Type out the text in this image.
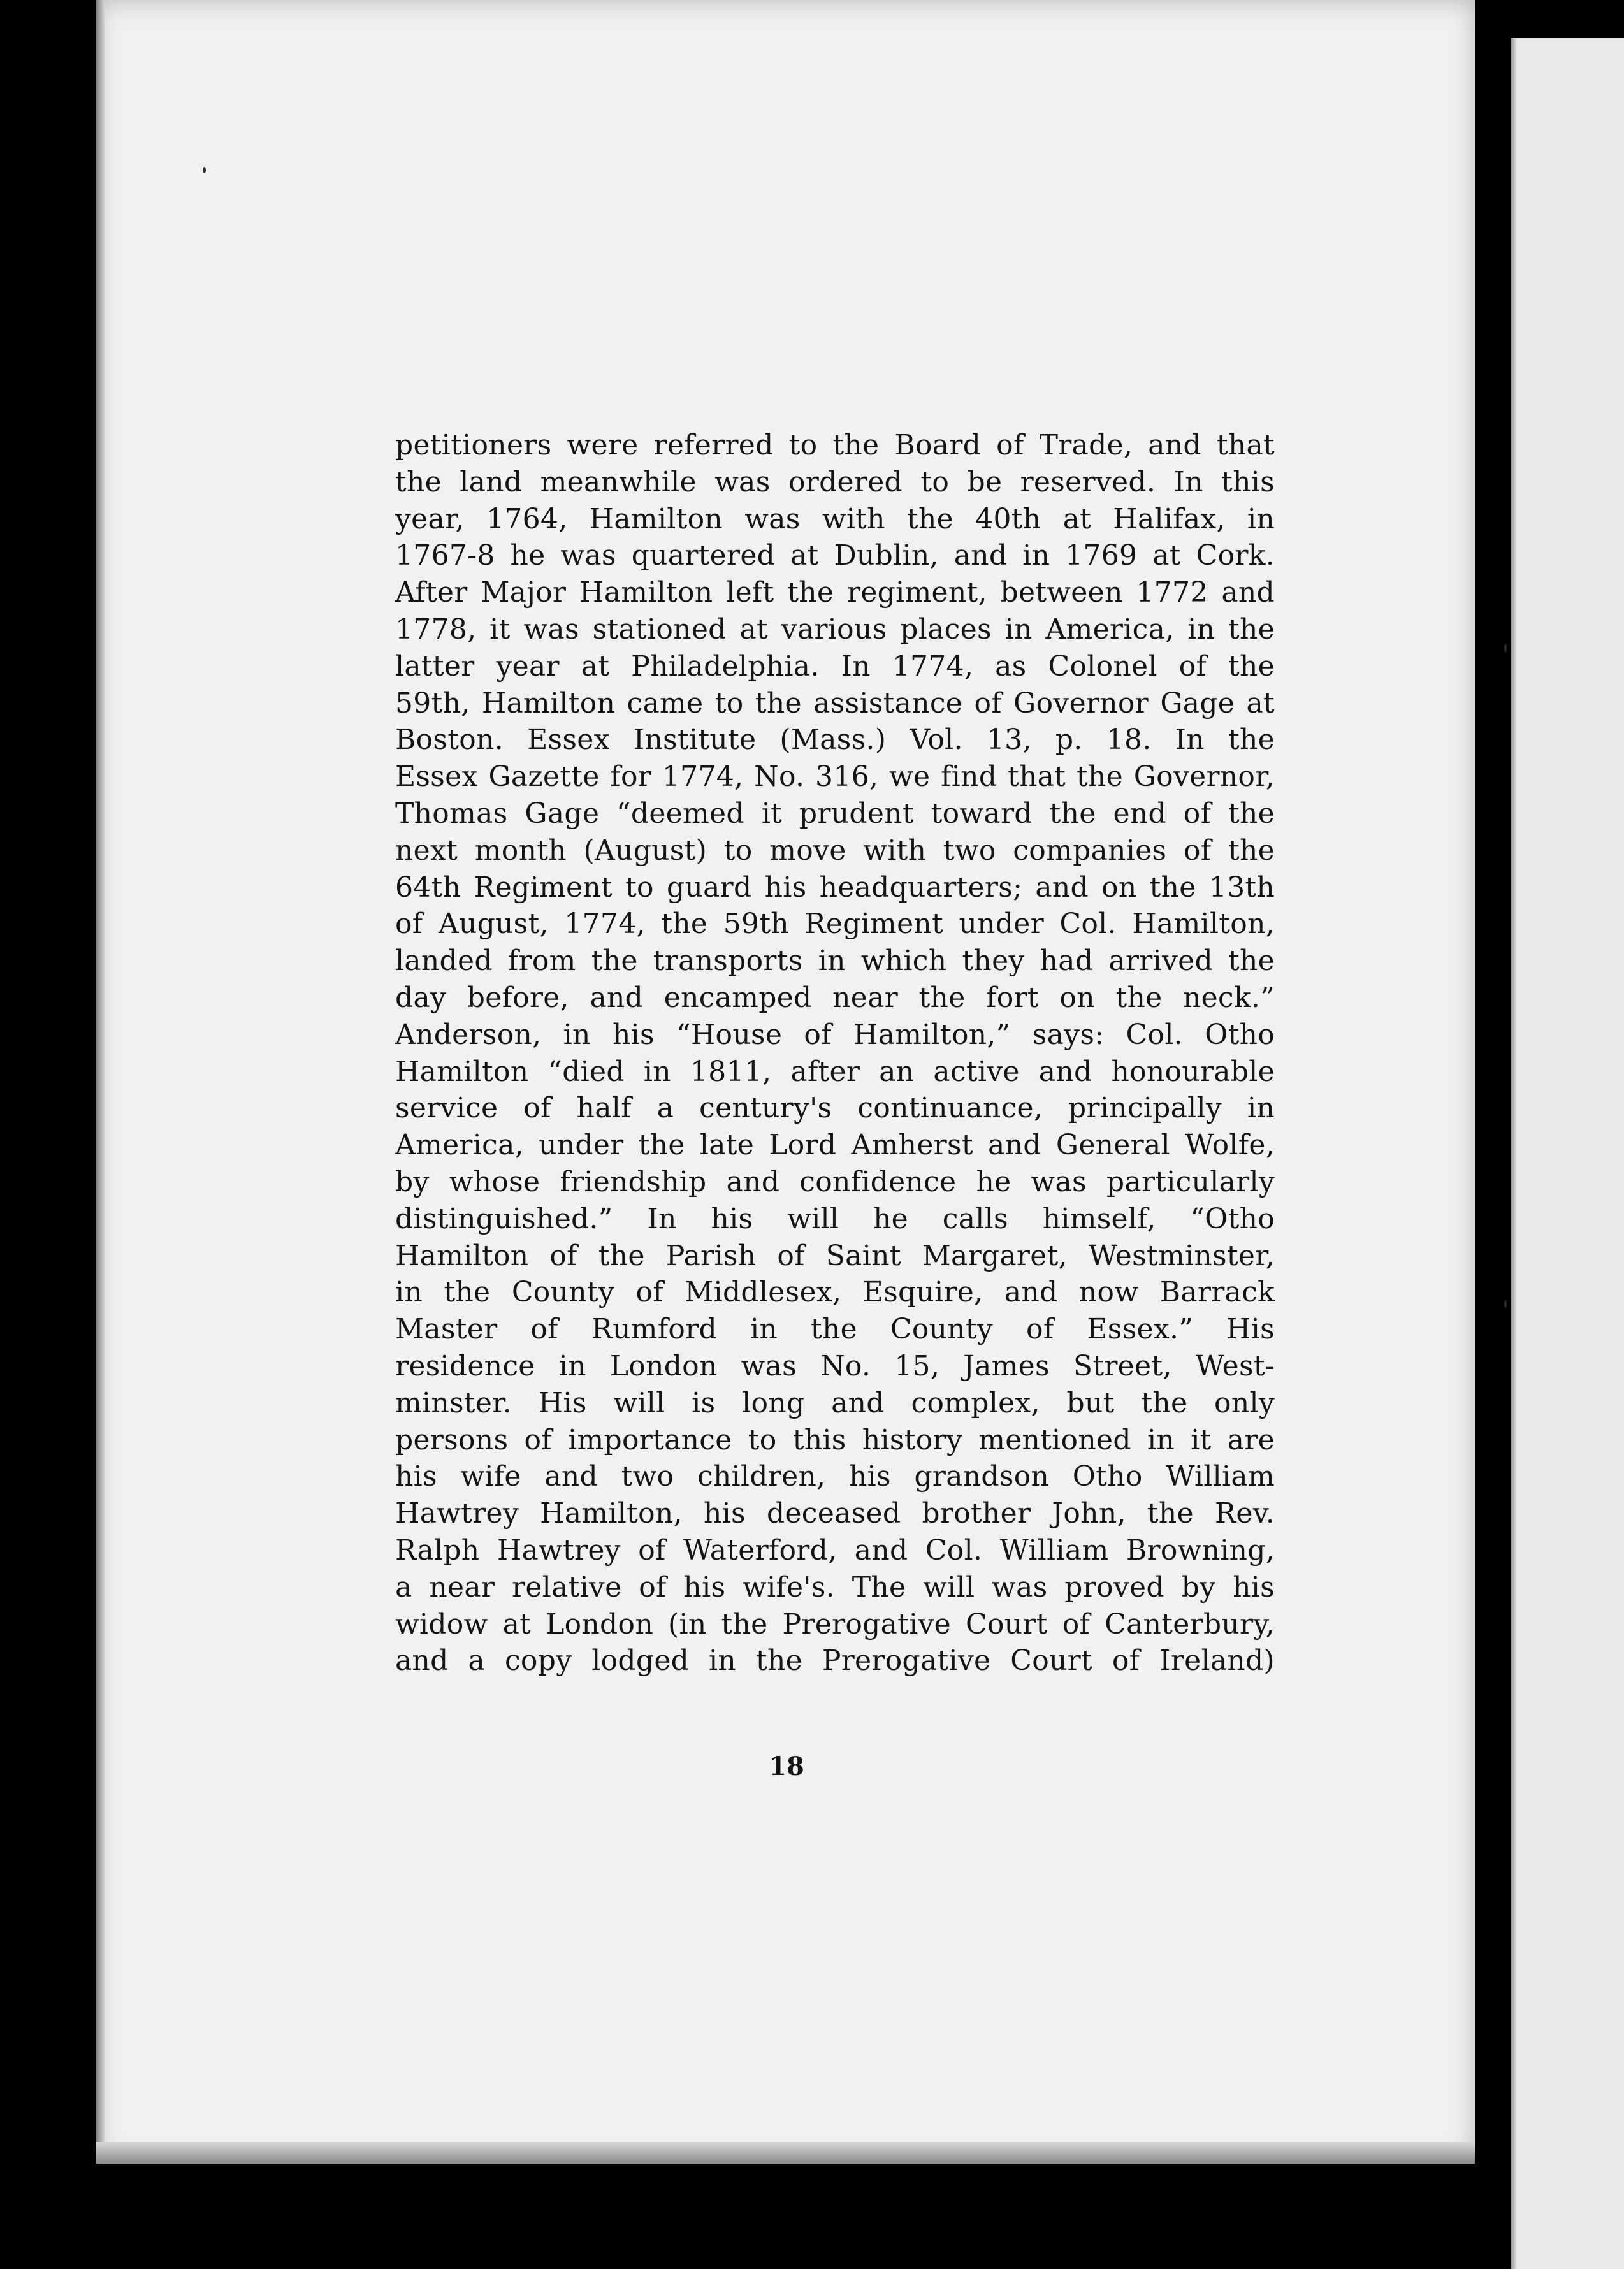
petitioners were referred to the Board of Trade, and that
the land meanwhile was ordered to be reserved. In this
year, 1764, Hamilton was with the 40th at Halifax, in
1767-8 he was quartered at Dublin, and in 1769 at Cork.
After Major Hamilton left the regiment, between 1772 and
1778, it was stationed at various places in America, in the
latter year at Philadelphia. In 1774, as Colonel of the
59th, Hamilton came to the assistance of Governor Gage at
Boston. Essex Institute (Mass.) Vol. 13, p. 18. In the
Essex Gazette for 1774, No. 316, we find that the Governor,
Thomas Gage “deemed it prudent toward the end of the
next month (August) to move with two companies of the
64th Regiment to guard his headquarters; and on the 13th
of August, 1774, the 59th Regiment under Col. Hamilton,
landed from the transports in which they had arrived the
day before, and encamped near the fort on the neck.”
Anderson, in his “House of Hamilton,” says: Col. Otho
Hamilton “died in 1811, after an active and honourable
service of half a century's continuance, principally in
America, under the late Lord Amherst and General Wolfe,
by whose friendship and confidence he was particularly
distinguished.” In his will he calls himself, “Otho
Hamilton of the Parish of Saint Margaret, Westminster,
in the County of Middlesex, Esquire, and now Barrack
Master of Rumford in the County of Essex.” His
residence in London was No. 15, James Street, West-
minster. His will is long and complex, but the only
persons of importance to this history mentioned in it are
his wife and two children, his grandson Otho William
Hawtrey Hamilton, his deceased brother John, the Rev.
Ralph Hawtrey of Waterford, and Col. William Browning,
a near relative of his wife's. The will was proved by his
widow at London (in the Prerogative Court of Canterbury,
and a copy lodged in the Prerogative Court of Ireland)
18
